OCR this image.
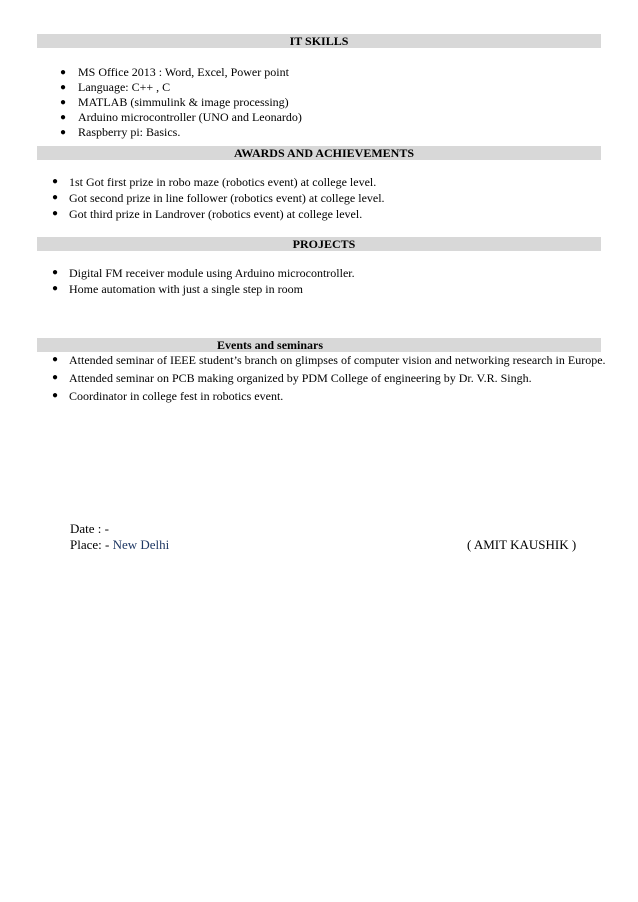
IT SKILLS
● MS Office 2013 : Word, Excel, Power point
● Language: C++ , C
● MATLAB (simmulink & image processing)
● Arduino microcontroller (UNO and Leonardo)
● Raspberry pi: Basics.
AWARDS AND ACHIEVEMENTS
● 1st Got first prize in robo maze (robotics event) at college level.
● Got second prize in line follower (robotics event) at college level.
● Got third prize in Landrover (robotics event) at college level.
PROJECTS
● Digital FM receiver module using Arduino microcontroller.
● Home automation with just a single step in room
Events and seminars
● Attended seminar of IEEE student’s branch on glimpses of computer vision and networking research in Europe.
● Attended seminar on PCB making organized by PDM College of engineering by Dr. V.R. Singh.
● Coordinator in college fest in robotics event.
Date : -
Place: - New Delhi	( AMIT KAUSHIK )
